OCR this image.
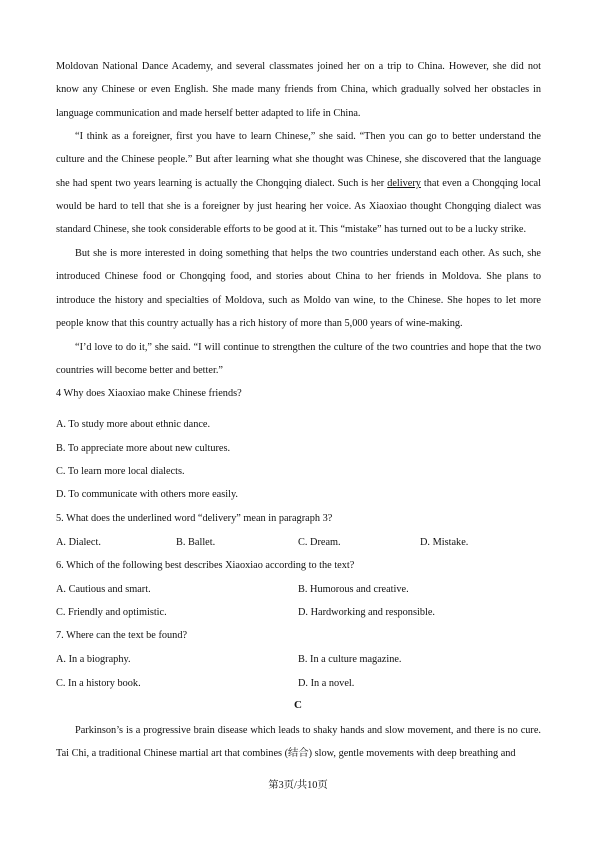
Moldovan National Dance Academy, and several classmates joined her on a trip to China. However, she did not know any Chinese or even English. She made many friends from China, which gradually solved her obstacles in language communication and made herself better adapted to life in China.

“I think as a foreigner, first you have to learn Chinese,” she said. “Then you can go to better understand the culture and the Chinese people.” But after learning what she thought was Chinese, she discovered that the language she had spent two years learning is actually the Chongqing dialect. Such is her delivery that even a Chongqing local would be hard to tell that she is a foreigner by just hearing her voice. As Xiaoxiao thought Chongqing dialect was standard Chinese, she took considerable efforts to be good at it. This “mistake” has turned out to be a lucky strike.

But she is more interested in doing something that helps the two countries understand each other. As such, she introduced Chinese food or Chongqing food, and stories about China to her friends in Moldova. She plans to introduce the history and specialties of Moldova, such as Moldo van wine, to the Chinese. She hopes to let more people know that this country actually has a rich history of more than 5,000 years of wine-making.

“I’d love to do it,” she said. “I will continue to strengthen the culture of the two countries and hope that the two countries will become better and better.”

4 Why does Xiaoxiao make Chinese friends?
A. To study more about ethnic dance.
B. To appreciate more about new cultures.
C. To learn more local dialects.
D. To communicate with others more easily.
5. What does the underlined word “delivery” mean in paragraph 3?
A. Dialect.	B. Ballet.	C. Dream.	D. Mistake.
6. Which of the following best describes Xiaoxiao according to the text?
A. Cautious and smart.	B. Humorous and creative.
C. Friendly and optimistic.	D. Hardworking and responsible.
7. Where can the text be found?
A. In a biography.	B. In a culture magazine.
C. In a history book.	D. In a novel.
C

Parkinson’s is a progressive brain disease which leads to shaky hands and slow movement, and there is no cure. Tai Chi, a traditional Chinese martial art that combines (结合) slow, gentle movements with deep breathing and

第3页/共10页
